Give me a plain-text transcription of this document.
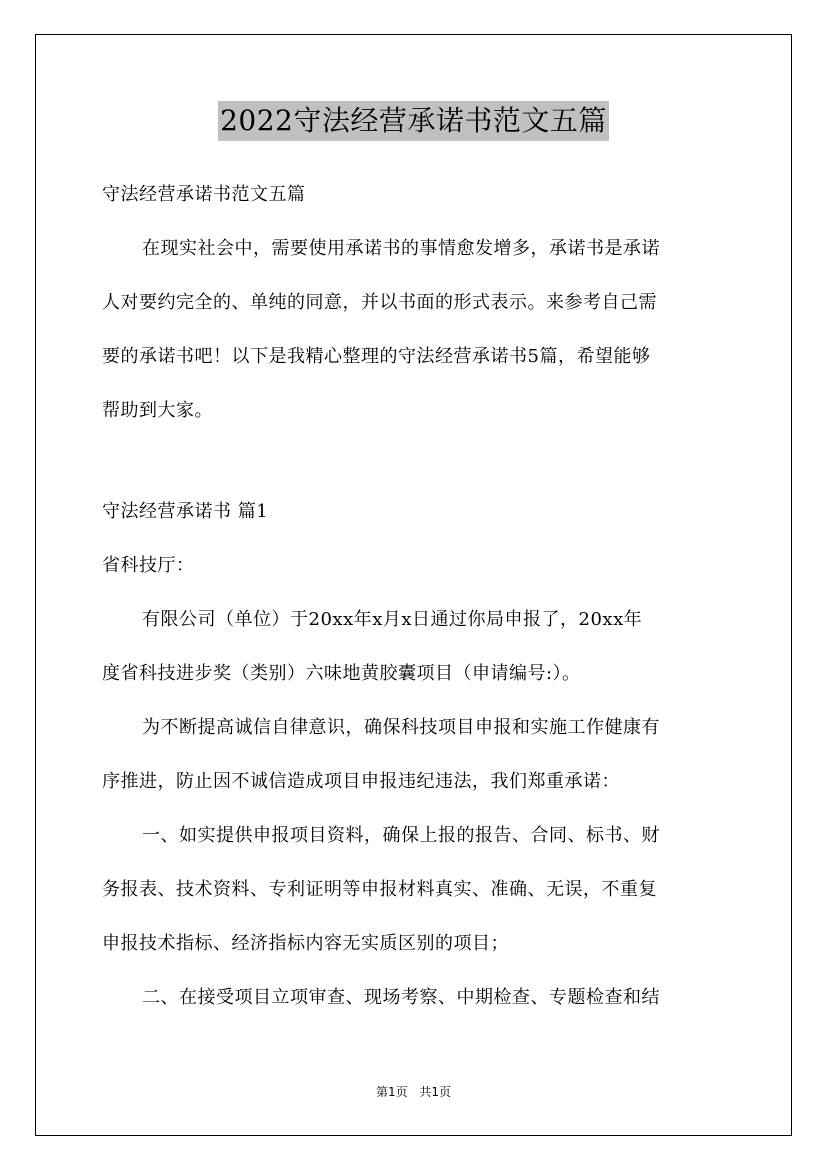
2022守法经营承诺书范文五篇
守法经营承诺书范文五篇
在现实社会中，需要使用承诺书的事情愈发增多，承诺书是承诺
人对要约完全的、单纯的同意，并以书面的形式表示。来参考自己需
要的承诺书吧！以下是我精心整理的守法经营承诺书5篇，希望能够
帮助到大家。
守法经营承诺书 篇1
省科技厅：
有限公司（单位）于20xx年x月x日通过你局申报了，20xx年
度省科技进步奖（类别）六味地黄胶囊项目（申请编号:）。
为不断提高诚信自律意识，确保科技项目申报和实施工作健康有
序推进，防止因不诚信造成项目申报违纪违法，我们郑重承诺：
一、如实提供申报项目资料，确保上报的报告、合同、标书、财
务报表、技术资料、专利证明等申报材料真实、准确、无误，不重复
申报技术指标、经济指标内容无实质区别的项目；
二、在接受项目立项审查、现场考察、中期检查、专题检查和结
第1页 共1页
